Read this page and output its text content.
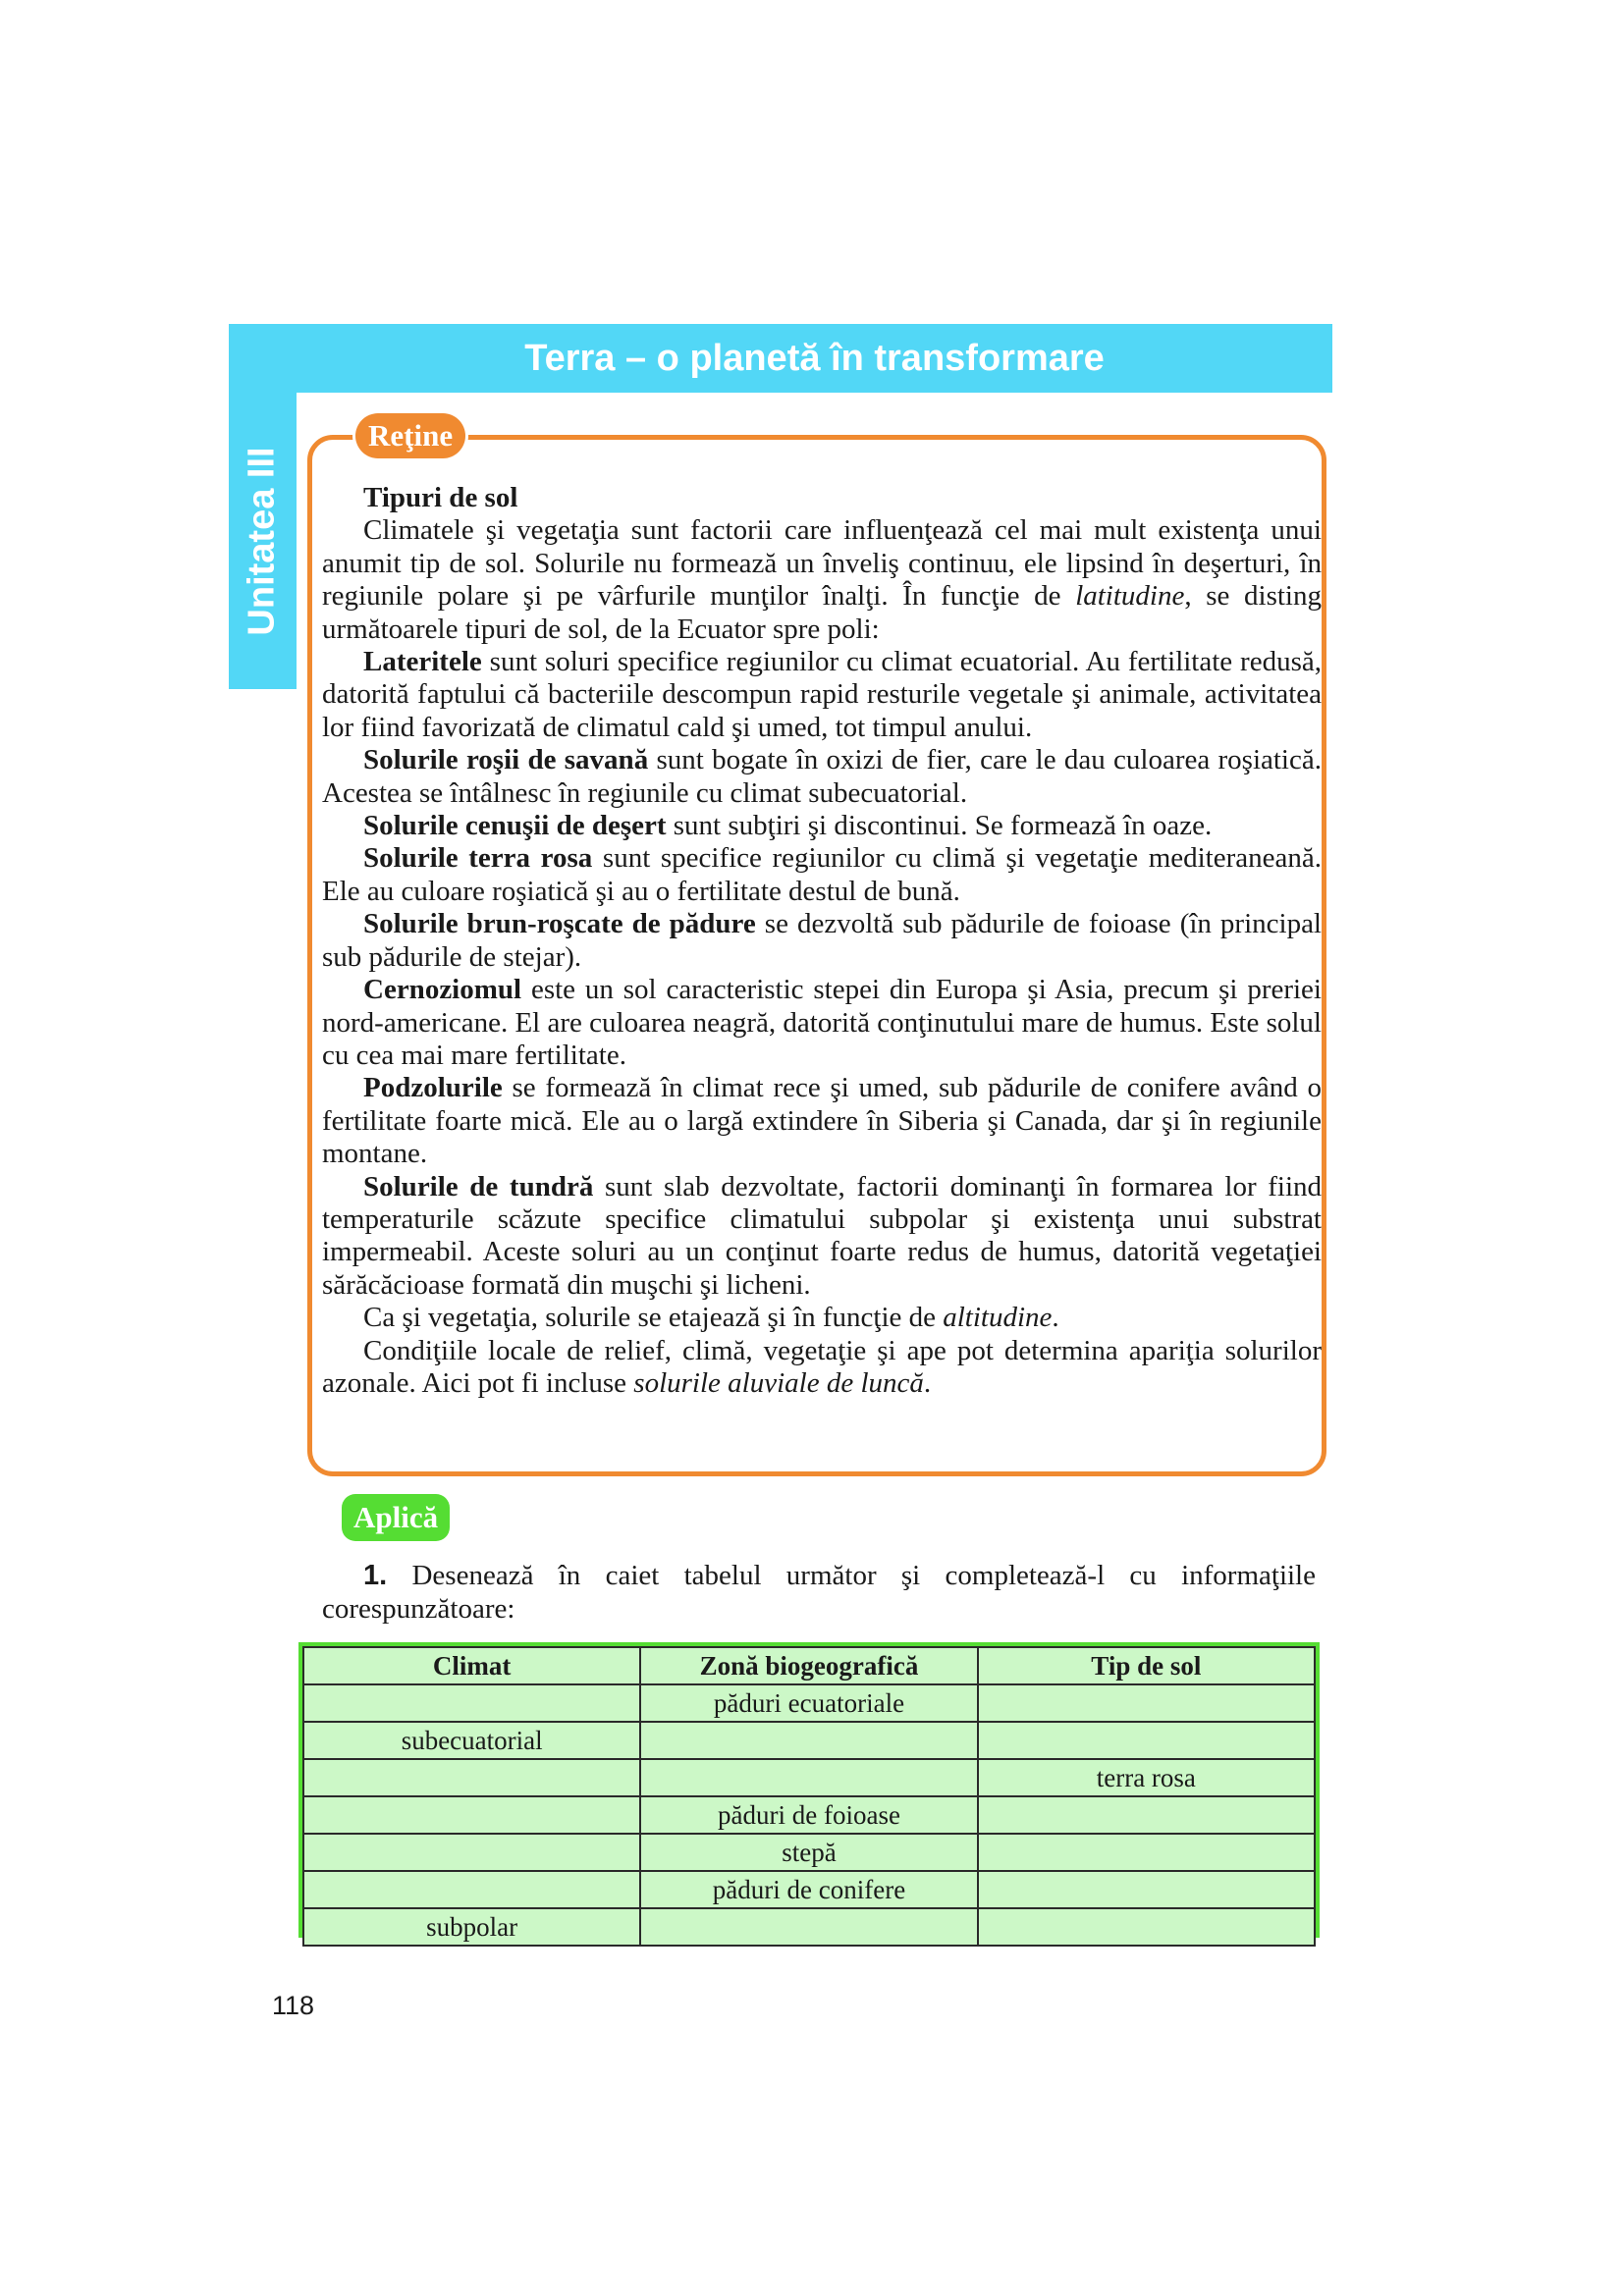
Terra – o planetă în transformare
Unitatea III
Reţine

Tipuri de sol

Climatele şi vegetaţia sunt factorii care influenţează cel mai mult existenţa unui anumit tip de sol. Solurile nu formează un înveliş continuu, ele lipsind în deşerturi, în regiunile polare şi pe vârfurile munţilor înalţi. În funcţie de latitudine, se disting următoarele tipuri de sol, de la Ecuator spre poli:

Lateritele sunt soluri specifice regiunilor cu climat ecuatorial. Au fertilitate redusă, datorită faptului că bacteriile descompun rapid resturile vegetale şi animale, activitatea lor fiind favorizată de climatul cald şi umed, tot timpul anului.

Solurile roşii de savană sunt bogate în oxizi de fier, care le dau culoarea roşiatică. Acestea se întâlnesc în regiunile cu climat subecuatorial.

Solurile cenuşii de deşert sunt subţiri şi discontinui. Se formează în oaze.

Solurile terra rosa sunt specifice regiunilor cu climă şi vegetaţie mediteraneană. Ele au culoare roşiatică şi au o fertilitate destul de bună.

Solurile brun-roşcate de pădure se dezvoltă sub pădurile de foioase (în principal sub pădurile de stejar).

Cernoziomul este un sol caracteristic stepei din Europa şi Asia, precum şi preriei nord-americane. El are culoarea neagră, datorită conţinutului mare de humus. Este solul cu cea mai mare fertilitate.

Podzolurile se formează în climat rece şi umed, sub pădurile de conifere având o fertilitate foarte mică. Ele au o largă extindere în Siberia şi Canada, dar şi în regiunile montane.

Solurile de tundră sunt slab dezvoltate, factorii dominanţi în formarea lor fiind temperaturile scăzute specifice climatului subpolar şi existenţa unui substrat impermeabil. Aceste soluri au un conţinut foarte redus de humus, datorită vegetaţiei sărăcăcioase formată din muşchi şi licheni.

Ca şi vegetaţia, solurile se etajează şi în funcţie de altitudine.

Condiţiile locale de relief, climă, vegetaţie şi ape pot determina apariţia solurilor azonale. Aici pot fi incluse solurile aluviale de luncă.

Aplică
1. Desenează în caiet tabelul următor şi completează-l cu informaţiile corespunzătoare:
Climat	Zonă biogeografică	Tip de sol
	păduri ecuatoriale	
subecuatorial		
		terra rosa
	păduri de foioase	
	stepă	
	păduri de conifere	
subpolar		
118
